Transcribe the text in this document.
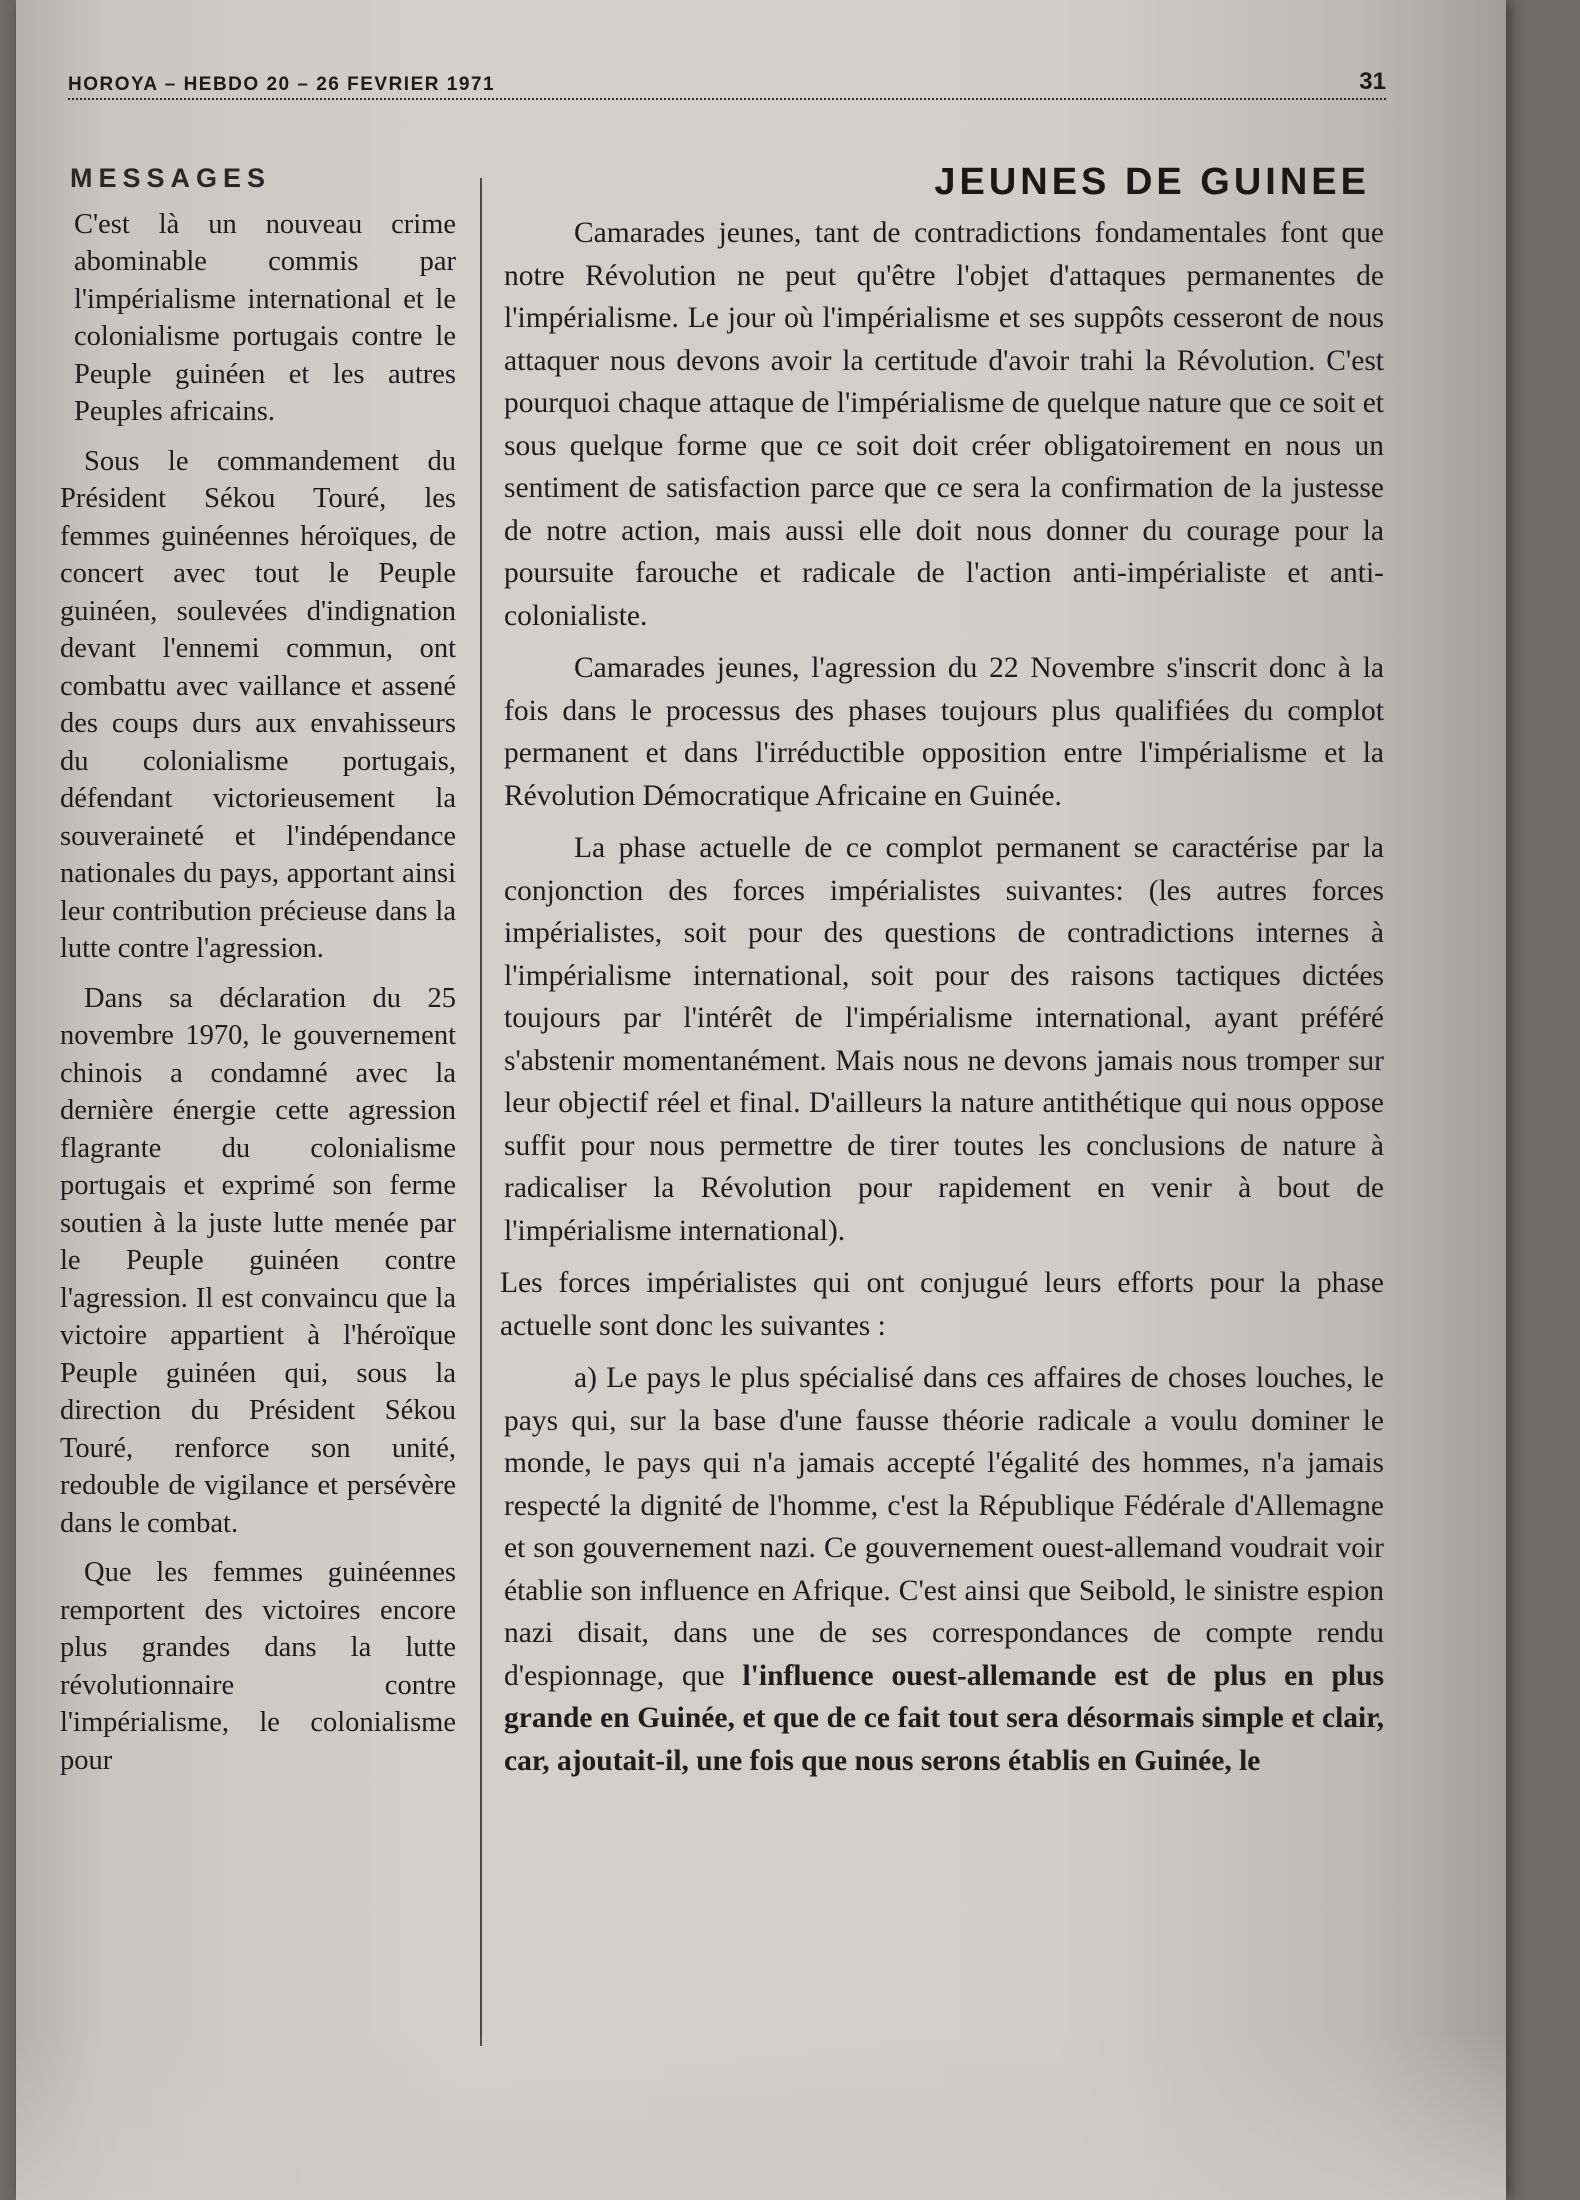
HOROYA – HEBDO 20 – 26 FEVRIER 1971	31
MESSAGES

C'est là un nouveau crime abominable commis par l'impérialisme international et le colonialisme portugais contre le Peuple guinéen et les autres Peuples africains.

Sous le commandement du Président Sékou Touré, les femmes guinéennes héroïques, de concert avec tout le Peuple guinéen, soulevées d'indignation devant l'ennemi commun, ont combattu avec vaillance et assené des coups durs aux envahisseurs du colonialisme portugais, défendant victorieusement la souveraineté et l'indépendance nationales du pays, apportant ainsi leur contribution précieuse dans la lutte contre l'agression.

Dans sa déclaration du 25 novembre 1970, le gouvernement chinois a condamné avec la dernière énergie cette agression flagrante du colonialisme portugais et exprimé son ferme soutien à la juste lutte menée par le Peuple guinéen contre l'agression. Il est convaincu que la victoire appartient à l'héroïque Peuple guinéen qui, sous la direction du Président Sékou Touré, renforce son unité, redouble de vigilance et persévère dans le combat.

Que les femmes guinéennes remportent des victoires encore plus grandes dans la lutte révolutionnaire contre l'impérialisme, le colonialisme pour

JEUNES DE GUINEE

Camarades jeunes, tant de contradictions fondamentales font que notre Révolution ne peut qu'être l'objet d'attaques permanentes de l'impérialisme. Le jour où l'impérialisme et ses suppôts cesseront de nous attaquer nous devons avoir la certitude d'avoir trahi la Révolution. C'est pourquoi chaque attaque de l'impérialisme de quelque nature que ce soit et sous quelque forme que ce soit doit créer obligatoirement en nous un sentiment de satisfaction parce que ce sera la confirmation de la justesse de notre action, mais aussi elle doit nous donner du courage pour la poursuite farouche et radicale de l'action anti-impérialiste et anti-colonialiste.

Camarades jeunes, l'agression du 22 Novembre s'inscrit donc à la fois dans le processus des phases toujours plus qualifiées du complot permanent et dans l'irréductible opposition entre l'impérialisme et la Révolution Démocratique Africaine en Guinée.

La phase actuelle de ce complot permanent se caractérise par la conjonction des forces impérialistes suivantes: (les autres forces impérialistes, soit pour des questions de contradictions internes à l'impérialisme international, soit pour des raisons tactiques dictées toujours par l'intérêt de l'impérialisme international, ayant préféré s'abstenir momentanément. Mais nous ne devons jamais nous tromper sur leur objectif réel et final. D'ailleurs la nature antithétique qui nous oppose suffit pour nous permettre de tirer toutes les conclusions de nature à radicaliser la Révolution pour rapidement en venir à bout de l'impérialisme international).

Les forces impérialistes qui ont conjugué leurs efforts pour la phase actuelle sont donc les suivantes :

a) Le pays le plus spécialisé dans ces affaires de choses louches, le pays qui, sur la base d'une fausse théorie radicale a voulu dominer le monde, le pays qui n'a jamais accepté l'égalité des hommes, n'a jamais respecté la dignité de l'homme, c'est la République Fédérale d'Allemagne et son gouvernement nazi. Ce gouvernement ouest-allemand voudrait voir établie son influence en Afrique. C'est ainsi que Seibold, le sinistre espion nazi disait, dans une de ses correspondances de compte rendu d'espionnage, que l'influence ouest-allemande est de plus en plus grande en Guinée, et que de ce fait tout sera désormais simple et clair, car, ajoutait-il, une fois que nous serons établis en Guinée, le
